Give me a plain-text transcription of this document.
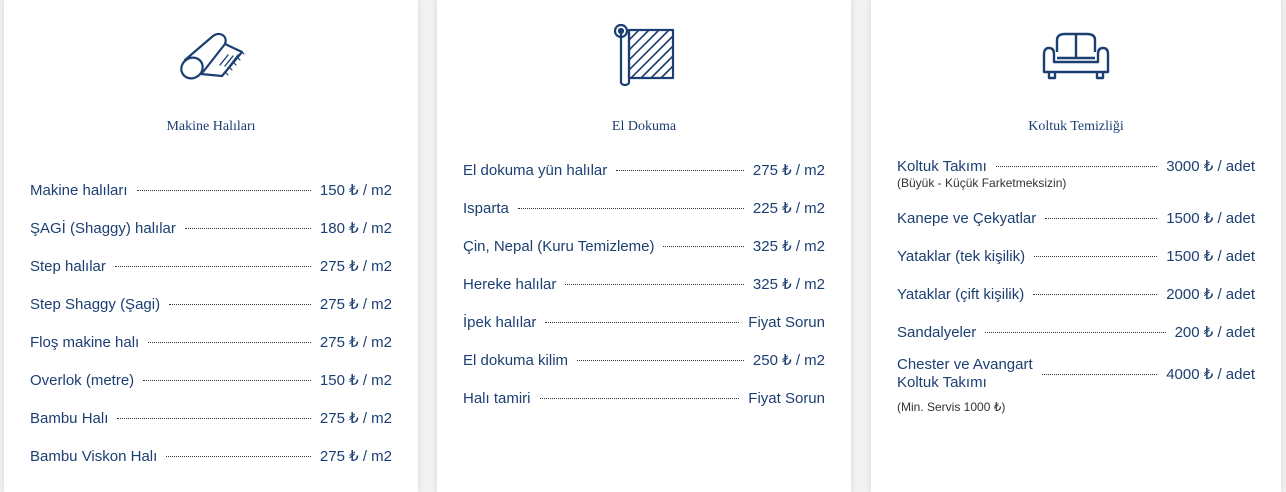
Makine Halıları
Makine halıları	150 ₺ / m2
ŞAGİ (Shaggy) halılar	180 ₺ / m2
Step halılar	275 ₺ / m2
Step Shaggy (Şagi)	275 ₺ / m2
Floş makine halı	275 ₺ / m2
Overlok (metre)	150 ₺ / m2
Bambu Halı	275 ₺ / m2
Bambu Viskon Halı	275 ₺ / m2
El Dokuma
El dokuma yün halılar	275 ₺ / m2
Isparta	225 ₺ / m2
Çin, Nepal (Kuru Temizleme)	325 ₺ / m2
Hereke halılar	325 ₺ / m2
İpek halılar	Fiyat Sorun
El dokuma kilim	250 ₺ / m2
Halı tamiri	Fiyat Sorun
Koltuk Temizliği
Koltuk Takımı	3000 ₺ / adet
(Büyük - Küçük Farketmeksizin)
Kanepe ve Çekyatlar	1500 ₺ / adet
Yataklar (tek kişilik)	1500 ₺ / adet
Yataklar (çift kişilik)	2000 ₺ / adet
Sandalyeler	200 ₺ / adet
Chester ve Avangart
Koltuk Takımı	4000 ₺ / adet
(Min. Servis 1000 ₺)
